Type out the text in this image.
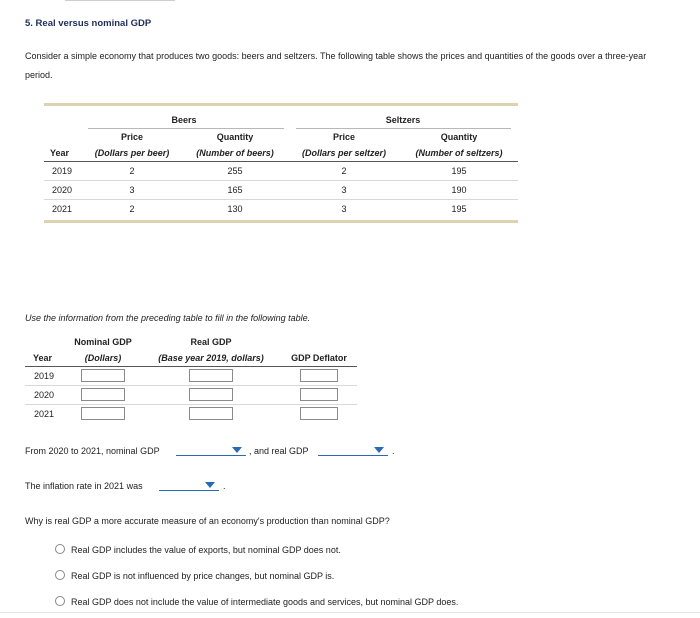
5. Real versus nominal GDP
Consider a simple economy that produces two goods: beers and seltzers. The following table shows the prices and quantities of the goods over a three-year period.
Beers	Seltzers
Price	Quantity	Price	Quantity
Year	(Dollars per beer)	(Number of beers)	(Dollars per seltzer)	(Number of seltzers)
2019	2	255	2	195
2020	3	165	3	190
2021	2	130	3	195
Use the information from the preceding table to fill in the following table.
Nominal GDP	Real GDP
Year	(Dollars)	(Base year 2019, dollars)	GDP Deflator
2019
2020
2021
From 2020 to 2021, nominal GDP	, and real GDP	.
The inflation rate in 2021 was	.
Why is real GDP a more accurate measure of an economy's production than nominal GDP?
Real GDP includes the value of exports, but nominal GDP does not.
Real GDP is not influenced by price changes, but nominal GDP is.
Real GDP does not include the value of intermediate goods and services, but nominal GDP does.
